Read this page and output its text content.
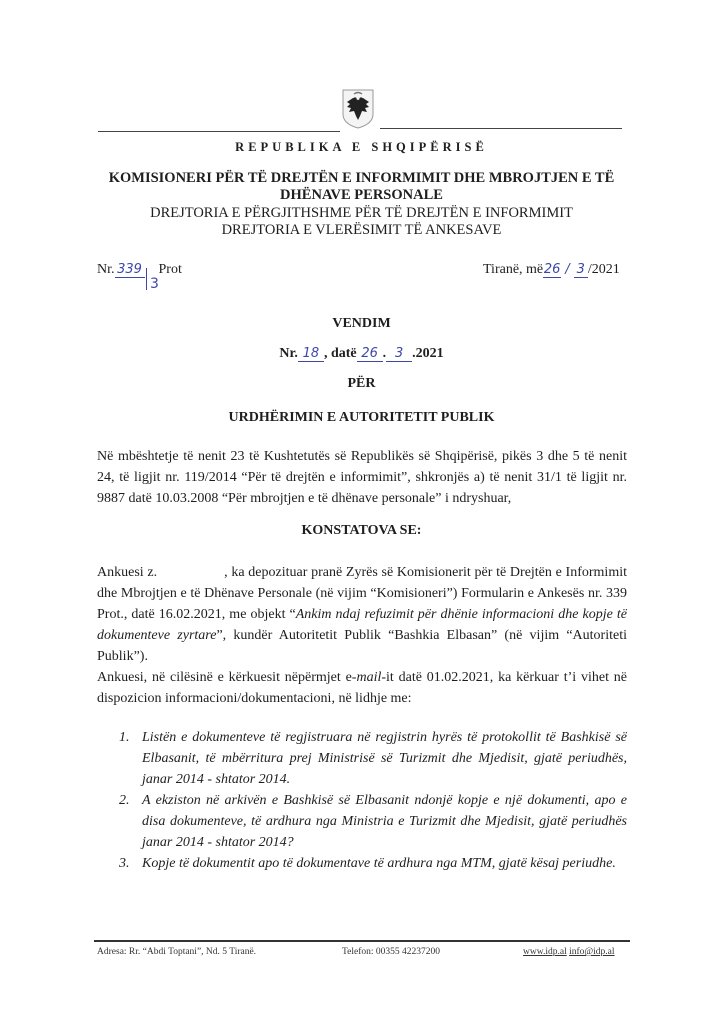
REPUBLIKA E SHQIPËRISË
KOMISIONERI PËR TË DREJTËN E INFORMIMIT DHE MBROJTJEN E TË
DHËNAVE PERSONALE
DREJTORIA E PËRGJITHSHME PËR TË DREJTËN E INFORMIMIT
DREJTORIA E VLERËSIMIT TË ANKESAVE
Nr. 339 Prot
3
Tiranë, më26 / 3 /2021
VENDIM
Nr. 18 , datë 26 . 3 .2021
PËR
URDHËRIMIN E AUTORITETIT PUBLIK
Në mbështetje të nenit 23 të Kushtetutës së Republikës së Shqipërisë, pikës 3 dhe 5 të nenit 24, të ligjit nr. 119/2014 “Për të drejtën e informimit”, shkronjës a) të nenit 31/1 të ligjit nr. 9887 datë 10.03.2008 “Për mbrojtjen e të dhënave personale” i ndryshuar,
KONSTATOVA SE:
Ankuesi z.                  , ka depozituar pranë Zyrës së Komisionerit për të Drejtën e Informimit dhe Mbrojtjen e të Dhënave Personale (në vijim “Komisioneri”) Formularin e Ankesës nr. 339 Prot., datë 16.02.2021, me objekt “Ankim ndaj refuzimit për dhënie informacioni dhe kopje të dokumenteve zyrtare”, kundër Autoritetit Publik “Bashkia Elbasan” (në vijim “Autoriteti Publik”).
Ankuesi, në cilësinë e kërkuesit nëpërmjet e-mail-it datë 01.02.2021, ka kërkuar t’i vihet në dispozicion informacioni/dokumentacioni, në lidhje me:
1. Listën e dokumenteve të regjistruara në regjistrin hyrës të protokollit të Bashkisë së Elbasanit, të mbërritura prej Ministrisë së Turizmit dhe Mjedisit, gjatë periudhës, janar 2014 - shtator 2014.
2. A ekziston në arkivën e Bashkisë së Elbasanit ndonjë kopje e një dokumenti, apo e disa dokumenteve, të ardhura nga Ministria e Turizmit dhe Mjedisit, gjatë periudhës janar 2014 - shtator 2014?
3. Kopje të dokumentit apo të dokumentave të ardhura nga MTM, gjatë kësaj periudhe.
Adresa: Rr. “Abdi Toptani”, Nd. 5 Tiranë.	Telefon: 00355 42237200	www.idp.al info@idp.al
